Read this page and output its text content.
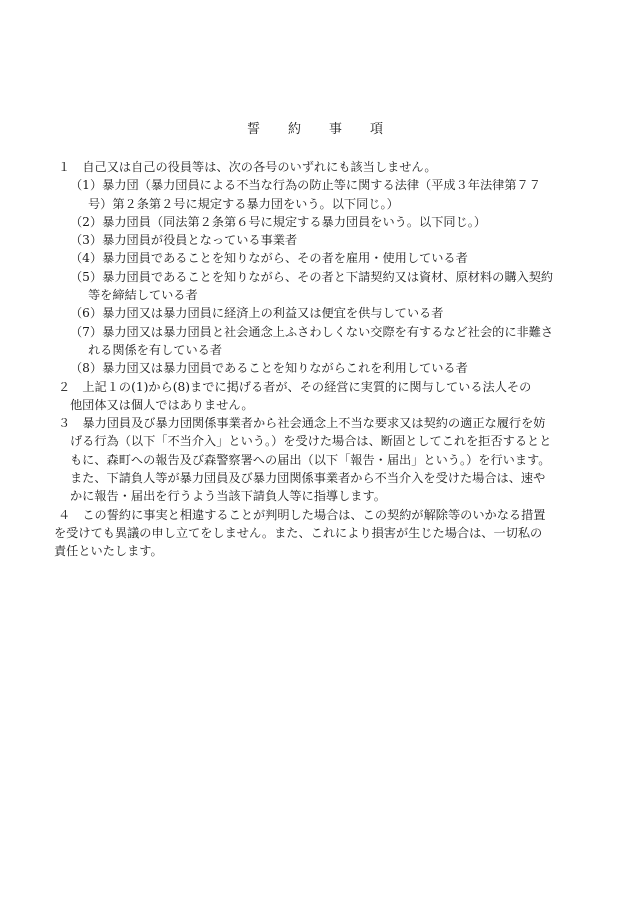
誓 約 事 項
１　自己又は自己の役員等は、次の各号のいずれにも該当しません。
（1）暴力団（暴力団員による不当な行為の防止等に関する法律（平成３年法律第７７
号）第２条第２号に規定する暴力団をいう。以下同じ。）
（2）暴力団員（同法第２条第６号に規定する暴力団員をいう。以下同じ。）
（3）暴力団員が役員となっている事業者
（4）暴力団員であることを知りながら、その者を雇用・使用している者
（5）暴力団員であることを知りながら、その者と下請契約又は資材、原材料の購入契約
等を締結している者
（6）暴力団又は暴力団員に経済上の利益又は便宜を供与している者
（7）暴力団又は暴力団員と社会通念上ふさわしくない交際を有するなど社会的に非難さ
れる関係を有している者
（8）暴力団又は暴力団員であることを知りながらこれを利用している者
２　上記１の(1)から(8)までに掲げる者が、その経営に実質的に関与している法人その
他団体又は個人ではありません。
３　暴力団員及び暴力団関係事業者から社会通念上不当な要求又は契約の適正な履行を妨
げる行為（以下「不当介入」という。）を受けた場合は、断固としてこれを拒否するとと
もに、森町への報告及び森警察署への届出（以下「報告・届出」という。）を行います。
また、下請負人等が暴力団員及び暴力団関係事業者から不当介入を受けた場合は、速や
かに報告・届出を行うよう当該下請負人等に指導します。
４　この誓約に事実と相違することが判明した場合は、この契約が解除等のいかなる措置
を受けても異議の申し立てをしません。また、これにより損害が生じた場合は、一切私の
責任といたします。
